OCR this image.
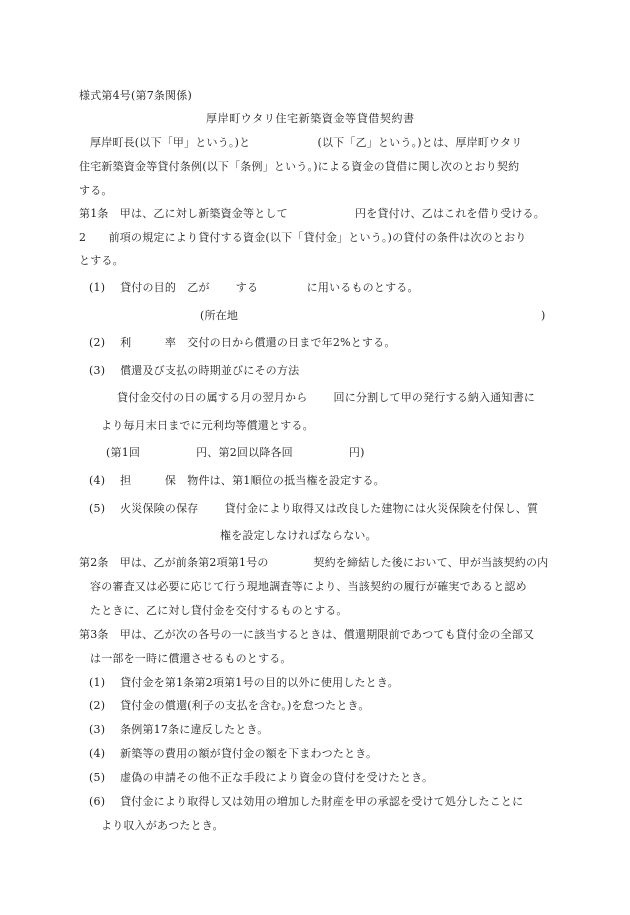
様式第4号(第7条関係)
厚岸町ウタリ住宅新築資金等貸借契約書
厚岸町長(以下「甲」という。)と　　　　　　(以下「乙」という。)とは、厚岸町ウタリ
住宅新築資金等貸付条例(以下「条例」という。)による資金の貸借に関し次のとおり契約
する。
第1条　甲は、乙に対し新築資金等として　　　　　　円を貸付け、乙はこれを借り受ける。
2　　前項の規定により貸付する資金(以下「貸付金」という。)の貸付の条件は次のとおり
とする。
(1)　 貸付の目的　乙が　　 する　　　　 に用いるものとする。
(所在地	)
(2)　 利　　　率　交付の日から償還の日まで年2%とする。
(3)　 償還及び支払の時期並びにその方法
貸付金交付の日の属する月の翌月から　　 回に分割して甲の発行する納入通知書に
より毎月末日までに元利均等償還とする。
(第1回　　　　　円、第2回以降各回　　　　　円)
(4)　 担　　　保　物件は、第1順位の抵当権を設定する。
(5)　 火災保険の保存　　 貸付金により取得又は改良した建物には火災保険を付保し、質
権を設定しなければならない。
第2条　甲は、乙が前条第2項第1号の　　　　契約を締結した後において、甲が当該契約の内
容の審査又は必要に応じて行う現地調査等により、当該契約の履行が確実であると認め
たときに、乙に対し貸付金を交付するものとする。
第3条　甲は、乙が次の各号の一に該当するときは、償還期限前であつても貸付金の全部又
は一部を一時に償還させるものとする。
(1)　 貸付金を第1条第2項第1号の目的以外に使用したとき。
(2)　 貸付金の償還(利子の支払を含む。)を怠つたとき。
(3)　 条例第17条に違反したとき。
(4)　 新築等の費用の額が貸付金の額を下まわつたとき。
(5)　 虚偽の申請その他不正な手段により資金の貸付を受けたとき。
(6)　 貸付金により取得し又は効用の増加した財産を甲の承認を受けて処分したことに
より収入があつたとき。
